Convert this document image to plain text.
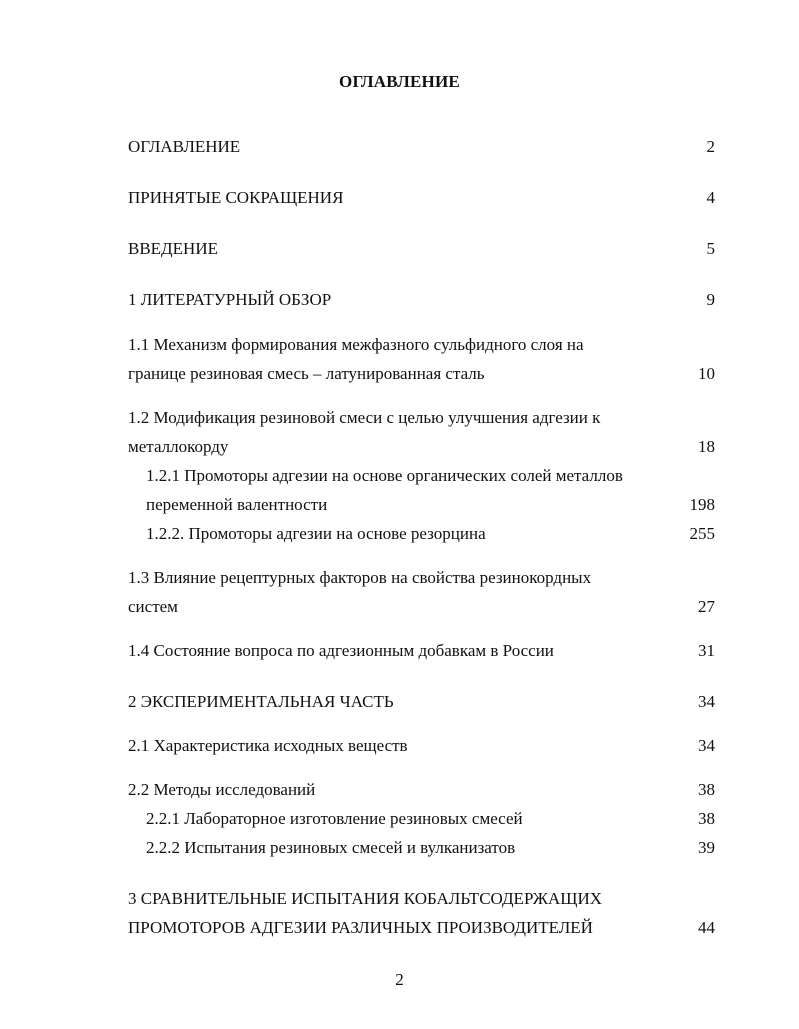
ОГЛАВЛЕНИЕ
ОГЛАВЛЕНИЕ	2
ПРИНЯТЫЕ СОКРАЩЕНИЯ	4
ВВЕДЕНИЕ	5
1 ЛИТЕРАТУРНЫЙ ОБЗОР	9
1.1 Механизм формирования межфазного сульфидного слоя на
границе резиновая смесь – латунированная сталь	10
1.2 Модификация резиновой смеси с целью улучшения адгезии к
металлокорду	18
1.2.1 Промоторы адгезии на основе органических солей металлов
переменной валентности	198
1.2.2. Промоторы адгезии на основе резорцина	255
1.3 Влияние рецептурных факторов на свойства резинокордных
систем	27
1.4 Состояние вопроса по адгезионным добавкам в России	31
2 ЭКСПЕРИМЕНТАЛЬНАЯ ЧАСТЬ	34
2.1 Характеристика исходных веществ	34
2.2 Методы исследований	38
2.2.1 Лабораторное изготовление резиновых смесей	38
2.2.2 Испытания резиновых смесей и вулканизатов	39
3 СРАВНИТЕЛЬНЫЕ ИСПЫТАНИЯ КОБАЛЬТСОДЕРЖАЩИХ
ПРОМОТОРОВ АДГЕЗИИ РАЗЛИЧНЫХ ПРОИЗВОДИТЕЛЕЙ	44
2
